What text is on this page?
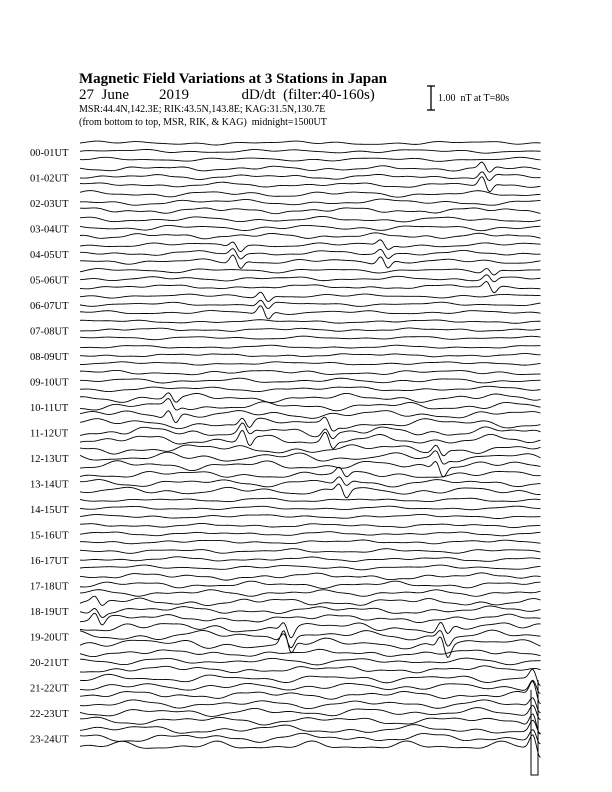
Magnetic Field Variations at 3 Stations in Japan
27  June        2019              dD/dt  (filter:40-160s)
MSR:44.4N,142.3E; RIK:43.5N,143.8E; KAG:31.5N,130.7E
(from bottom to top, MSR, RIK, & KAG)  midnight=1500UT
1.00  nT at T=80s
00-01UT
01-02UT
02-03UT
03-04UT
04-05UT
05-06UT
06-07UT
07-08UT
08-09UT
09-10UT
10-11UT
11-12UT
12-13UT
13-14UT
14-15UT
15-16UT
16-17UT
17-18UT
18-19UT
19-20UT
20-21UT
21-22UT
22-23UT
23-24UT
